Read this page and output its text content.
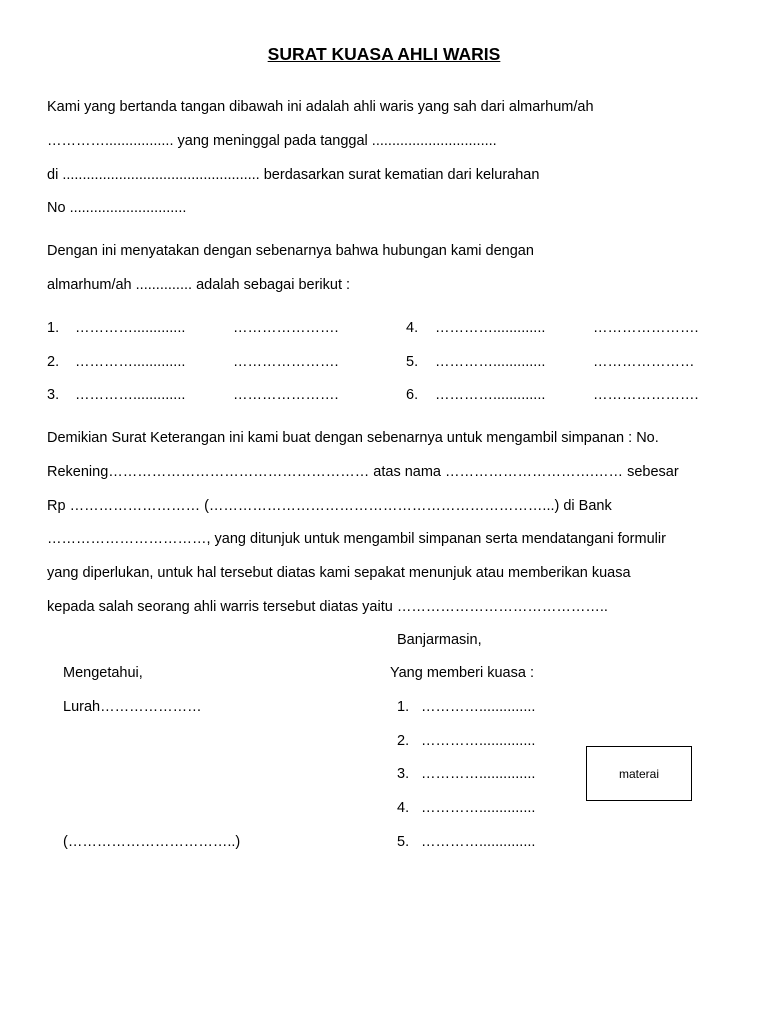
SURAT KUASA AHLI WARIS
Kami yang bertanda tangan dibawah ini adalah ahli waris yang sah dari almarhum/ah
…………................. yang meninggal pada tanggal ...............................
di ................................................. berdasarkan surat kematian dari kelurahan
No .............................
Dengan ini menyatakan dengan sebenarnya bahwa hubungan kami dengan
almarhum/ah .............. adalah sebagai berikut :
1. ………….............	………………….	4. ………….............	………………….
2. ………….............	………………….	5. ………….............	…………………
3. ………….............	………………….	6. ………….............	………………….
Demikian Surat Keterangan ini kami buat dengan sebenarnya untuk mengambil simpanan : No.
Rekening……………………………………………… atas nama ………………………….…… sebesar
Rp ……………………… (……………………………………………………………...) di Bank
……………………………, yang ditunjuk untuk mengambil simpanan serta mendatangani formulir
yang diperlukan, untuk hal tersebut diatas kami sepakat menunjuk atau memberikan kuasa
kepada salah seorang ahli warris tersebut diatas yaitu ……………………………………..
Banjarmasin,
Mengetahui,	Yang memberi kuasa :
Lurah…………………
(……………………………..)
1. …………..............
2. …………..............
3. …………..............
4. …………..............
5. …………..............
materai
